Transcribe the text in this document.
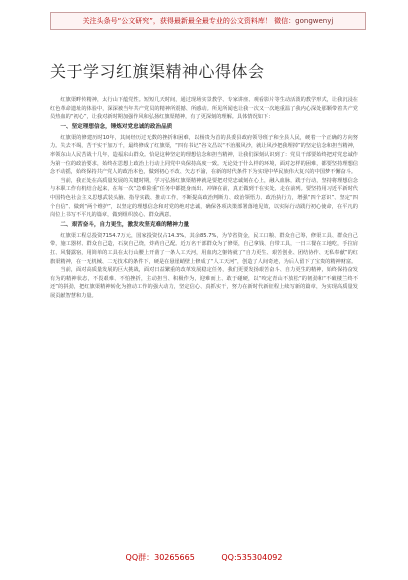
关注头条号“公文研究”，获得最新最全最专业的公文资料库！ 微信：gongwenyj
关于学习红旗渠精神心得体会

红旗渠畔传精神，太行山下蕴党性。短短几天时间，通过现场实景教学、专家讲座、观看影片等生动活泼的教学形式，让我沉浸在红色革命遗址的体验中，深深被当年共产党员的精神所震撼、所感动。所见所闻也让我一次又一次地重温了我内心深处那颗带着共产党员热血的“初心”，让我对新时期加强作风和弘扬红旗渠精神，有了更深刻的理解。具体情况如下：

一、坚定理想信念，锤炼对党忠诚的政治品质

红旗渠的修建历时10年，其间经历过无数的挫折和困难，以杨贵为首的县委县政府领导班子和全县人民，硬着一个正确的方向努力。失去不竭，苦干实干加万千，最终修成了红旗渠，“四有书记”谷文昌以“不治服风沙，就让风沙把我埋掉”的坚定信念和担当精神，率领东山人民苦战十几年，造福东山群众。恰是这种坚定的理想信念和担当精神，让我们深刻认识到了：党员干部要始终把对党忠诚作为第一位的政治要求，始终在思想上政治上行动上同党中央保持高度一致。无论处于什么样的环境，面对怎样的困难，都要坚持理想信念不动摇，始终保持共产党人的政治本色，做到初心不改、矢志不渝，在新的时代条件下为实现中华民族伟大复兴的中国梦不懈奋斗。

当前，我正处在高质量发展的关键时期，学习弘扬红旗渠精神就是要把对党忠诚刻在心上，融入血脉，践于行动，坚持将理想信念与本职工作有机结合起来，在每一次“急难险重”任务中都挺身而出、冲锋在前，真正做到干在实处、走在前列。要坚持用习近平新时代中国特色社会主义思想武装头脑、指导实践、推动工作，不断提高政治判断力、政治领悟力、政治执行力，增强“四个意识”、坚定“四个自信”、做到“两个维护”，以坚定的理想信念和对党的绝对忠诚，确保各项决策部署落地见效，以实际行动践行初心使命，在平凡的岗位上书写不平凡的篇章，做到组织放心、群众满意。

二、艰苦奋斗，自力更生，激发攻坚克难的精神力量

红旗渠工程总投资7154.7万元，国家投资仅占14.3%，其余85.7%，为节省资金，民工口粮、群众自己筹，修渠工具、群众自己带，施工器材、群众自己造，石灰自己烧，炸药自己配。近万名干部群众为了修渠，自己拿钱、自带工具，一日三餐在工地吃，手拉肩扛、风餐露宿，用简单的工具在太行山腰上开凿了一条人工天河，用血肉之躯铸就了“自力更生、艰苦创业、团结协作、无私奉献”的红旗渠精神，在一无机械、二无技术的条件下，硬是在悬崖峭壁上修成了“人工天河”，创造了人间奇迹，为后人留下了宝贵的精神财富。

当前，面对高质量发展的巨大挑战，面对日益繁重的改革发展稳定任务，我们更要发扬艰苦奋斗、自力更生的精神，始终保持奋发有为的精神状态，不畏艰难、不怕挫折，主动担当、积极作为，迎难而上、敢于碰硬，以“咬定青山不放松”的韧劲和“不破楼兰终不还”的拼劲，把红旗渠精神转化为推动工作的强大动力，坚定信心、真抓实干，努力在新时代新征程上续写新的篇章，为实现高质量发展贡献智慧和力量。

QQ群：30265665	QQ:535304092
